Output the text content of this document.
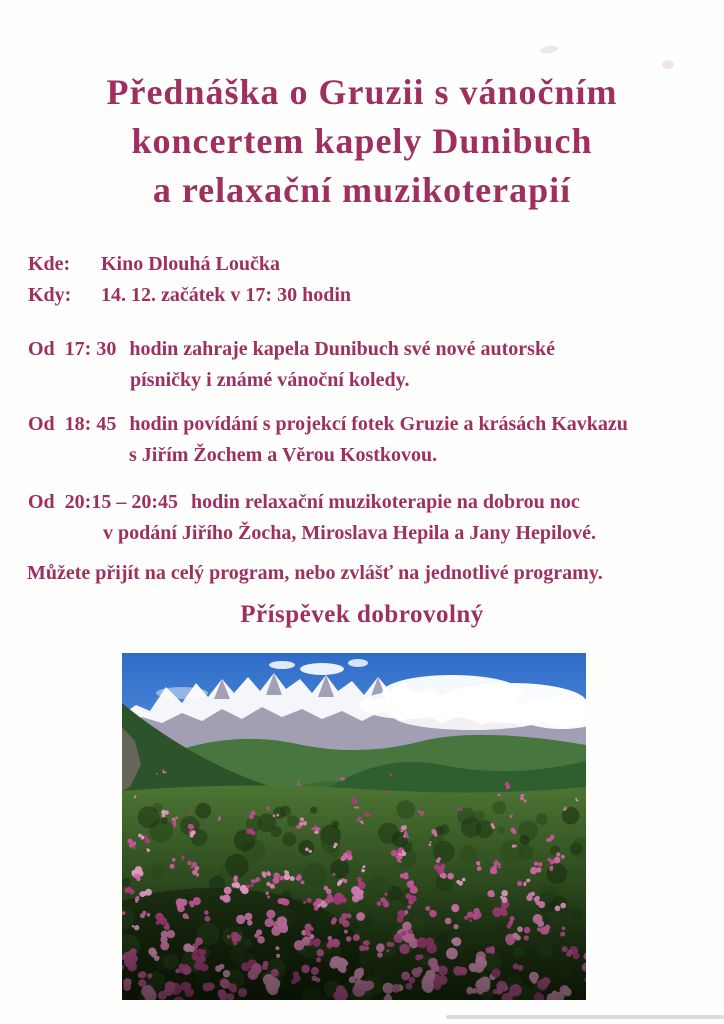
Přednáška o Gruzii s vánočním
koncertem kapely Dunibuch
a relaxační muzikoterapií
Kde: Kino Dlouhá Loučka
Kdy: 14. 12. začátek v 17: 30 hodin
Od  17: 30 hodin zahraje kapela Dunibuch své nové autorské
písničky i známé vánoční koledy.
Od  18: 45 hodin povídání s projekcí fotek Gruzie a krásách Kavkazu
s Jiřím Žochem a Věrou Kostkovou.
Od  20:15 – 20:45 hodin relaxační muzikoterapie na dobrou noc
v podání Jiřího Žocha, Miroslava Hepila a Jany Hepilové.
Můžete přijít na celý program, nebo zvlášť na jednotlivé programy.
Příspěvek dobrovolný
